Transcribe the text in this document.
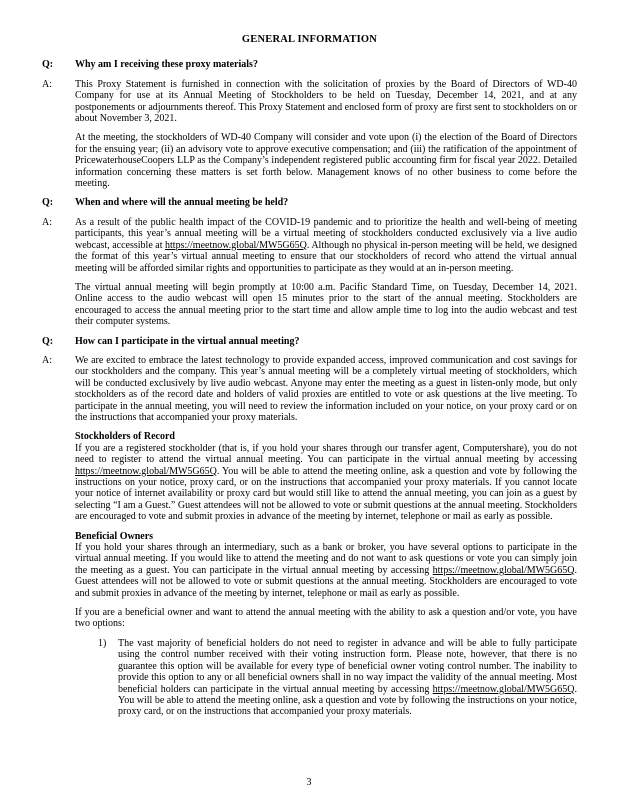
GENERAL INFORMATION
Q:	Why am I receiving these proxy materials?

A:	This Proxy Statement is furnished in connection with the solicitation of proxies by the Board of Directors of WD-40 Company for use at its Annual Meeting of Stockholders to be held on Tuesday, December 14, 2021, and at any postponements or adjournments thereof. This Proxy Statement and enclosed form of proxy are first sent to stockholders on or about November 3, 2021.

At the meeting, the stockholders of WD-40 Company will consider and vote upon (i) the election of the Board of Directors for the ensuing year; (ii) an advisory vote to approve executive compensation; and (iii) the ratification of the appointment of PricewaterhouseCoopers LLP as the Company’s independent registered public accounting firm for fiscal year 2022. Detailed information concerning these matters is set forth below. Management knows of no other business to come before the meeting.

Q:	When and where will the annual meeting be held?

A:	As a result of the public health impact of the COVID-19 pandemic and to prioritize the health and well-being of meeting participants, this year’s annual meeting will be a virtual meeting of stockholders conducted exclusively via a live audio webcast, accessible at https://meetnow.global/MW5G65Q. Although no physical in-person meeting will be held, we designed the format of this year’s virtual annual meeting to ensure that our stockholders of record who attend the virtual annual meeting will be afforded similar rights and opportunities to participate as they would at an in-person meeting.

The virtual annual meeting will begin promptly at 10:00 a.m. Pacific Standard Time, on Tuesday, December 14, 2021. Online access to the audio webcast will open 15 minutes prior to the start of the annual meeting. Stockholders are encouraged to access the annual meeting prior to the start time and allow ample time to log into the audio webcast and test their computer systems.

Q:	How can I participate in the virtual annual meeting?

A:	We are excited to embrace the latest technology to provide expanded access, improved communication and cost savings for our stockholders and the company. This year’s annual meeting will be a completely virtual meeting of stockholders, which will be conducted exclusively by live audio webcast. Anyone may enter the meeting as a guest in listen-only mode, but only stockholders as of the record date and holders of valid proxies are entitled to vote or ask questions at the live meeting. To participate in the annual meeting, you will need to review the information included on your notice, on your proxy card or on the instructions that accompanied your proxy materials.

Stockholders of Record

If you are a registered stockholder (that is, if you hold your shares through our transfer agent, Computershare), you do not need to register to attend the virtual annual meeting. You can participate in the virtual annual meeting by accessing https://meetnow.global/MW5G65Q. You will be able to attend the meeting online, ask a question and vote by following the instructions on your notice, proxy card, or on the instructions that accompanied your proxy materials. If you cannot locate your notice of internet availability or proxy card but would still like to attend the annual meeting, you can join as a guest by selecting “I am a Guest.” Guest attendees will not be allowed to vote or submit questions at the annual meeting. Stockholders are encouraged to vote and submit proxies in advance of the meeting by internet, telephone or mail as early as possible.

Beneficial Owners

If you hold your shares through an intermediary, such as a bank or broker, you have several options to participate in the virtual annual meeting. If you would like to attend the meeting and do not want to ask questions or vote you can simply join the meeting as a guest. You can participate in the virtual annual meeting by accessing https://meetnow.global/MW5G65Q. Guest attendees will not be allowed to vote or submit questions at the annual meeting. Stockholders are encouraged to vote and submit proxies in advance of the meeting by internet, telephone or mail as early as possible.

If you are a beneficial owner and want to attend the annual meeting with the ability to ask a question and/or vote, you have two options:

1)	The vast majority of beneficial holders do not need to register in advance and will be able to fully participate using the control number received with their voting instruction form. Please note, however, that there is no guarantee this option will be available for every type of beneficial owner voting control number. The inability to provide this option to any or all beneficial owners shall in no way impact the validity of the annual meeting. Most beneficial holders can participate in the virtual annual meeting by accessing https://meetnow.global/MW5G65Q. You will be able to attend the meeting online, ask a question and vote by following the instructions on your notice, proxy card, or on the instructions that accompanied your proxy materials.

3
